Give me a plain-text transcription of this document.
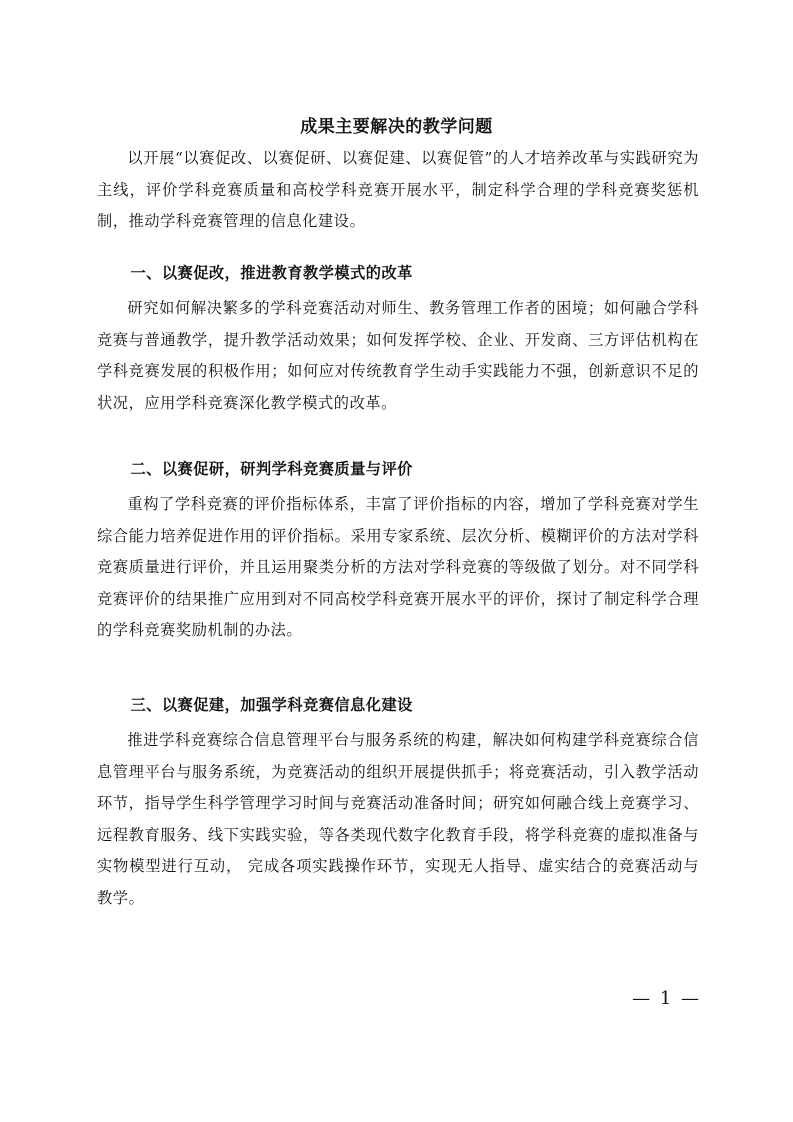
成果主要解决的教学问题
以开展“以赛促改、以赛促研、以赛促建、以赛促管”的人才培养改革与实践研究为主线，评价学科竞赛质量和高校学科竞赛开展水平，制定科学合理的学科竞赛奖惩机制，推动学科竞赛管理的信息化建设。
一、以赛促改，推进教育教学模式的改革
研究如何解决繁多的学科竞赛活动对师生、教务管理工作者的困境；如何融合学科竞赛与普通教学，提升教学活动效果；如何发挥学校、企业、开发商、三方评估机构在学科竞赛发展的积极作用；如何应对传统教育学生动手实践能力不强，创新意识不足的状况，应用学科竞赛深化教学模式的改革。
二、以赛促研，研判学科竞赛质量与评价
重构了学科竞赛的评价指标体系，丰富了评价指标的内容，增加了学科竞赛对学生综合能力培养促进作用的评价指标。采用专家系统、层次分析、模糊评价的方法对学科竞赛质量进行评价，并且运用聚类分析的方法对学科竞赛的等级做了划分。对不同学科竞赛评价的结果推广应用到对不同高校学科竞赛开展水平的评价，探讨了制定科学合理的学科竞赛奖励机制的办法。
三、以赛促建，加强学科竞赛信息化建设
推进学科竞赛综合信息管理平台与服务系统的构建，解决如何构建学科竞赛综合信息管理平台与服务系统，为竞赛活动的组织开展提供抓手；将竞赛活动，引入教学活动环节，指导学生科学管理学习时间与竞赛活动准备时间；研究如何融合线上竞赛学习、远程教育服务、线下实践实验，等各类现代数字化教育手段，将学科竞赛的虚拟准备与实物模型进行互动， 完成各项实践操作环节，实现无人指导、虚实结合的竞赛活动与教学。
— 1 —
